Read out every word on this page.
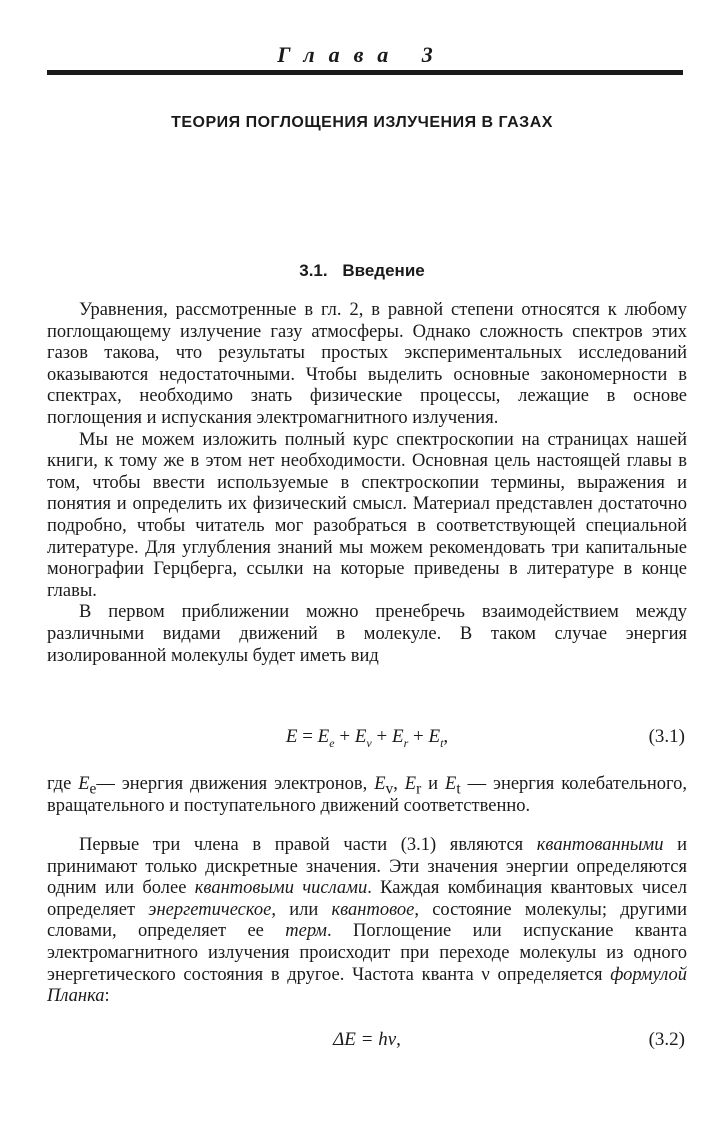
Глава 3
ТЕОРИЯ ПОГЛОЩЕНИЯ ИЗЛУЧЕНИЯ В ГАЗАХ
3.1. Введение

Уравнения, рассмотренные в гл. 2, в равной степени относятся к любому поглощающему излучение газу атмосферы. Однако сложность спектров этих газов такова, что результаты простых экспериментальных исследований оказываются недостаточными. Чтобы выделить основные закономерности в спектрах, необходимо знать физические процессы, лежащие в основе поглощения и испускания электромагнитного излучения.

Мы не можем изложить полный курс спектроскопии на страницах нашей книги, к тому же в этом нет необходимости. Основная цель настоящей главы в том, чтобы ввести используемые в спектроскопии термины, выражения и понятия и определить их физический смысл. Материал представлен достаточно подробно, чтобы читатель мог разобраться в соответствующей специальной литературе. Для углубления знаний мы можем рекомендовать три капитальные монографии Герцберга, ссылки на которые приведены в литературе в конце главы.

В первом приближении можно пренебречь взаимодействием между различными видами движений в молекуле. В таком случае энергия изолированной молекулы будет иметь вид

$E = E_e + E_v + E_r + E_t$,	(3.1)

где $E_e—$ энергия движения электронов, $E_v$, $E_r$ и $E_t$ — энергия колебательного, вращательного и поступательного движений соответственно.

Первые три члена в правой части (3.1) являются квантованными и принимают только дискретные значения. Эти значения энергии определяются одним или более квантовыми числами. Каждая комбинация квантовых чисел определяет энергетическое, или квантовое, состояние молекулы; другими словами, определяет ее терм. Поглощение или испускание кванта электромагнитного излучения происходит при переходе молекулы из одного энергетического состояния в другое. Частота кванта ν определяется формулой Планка:

ΔE = hν,	(3.2)
